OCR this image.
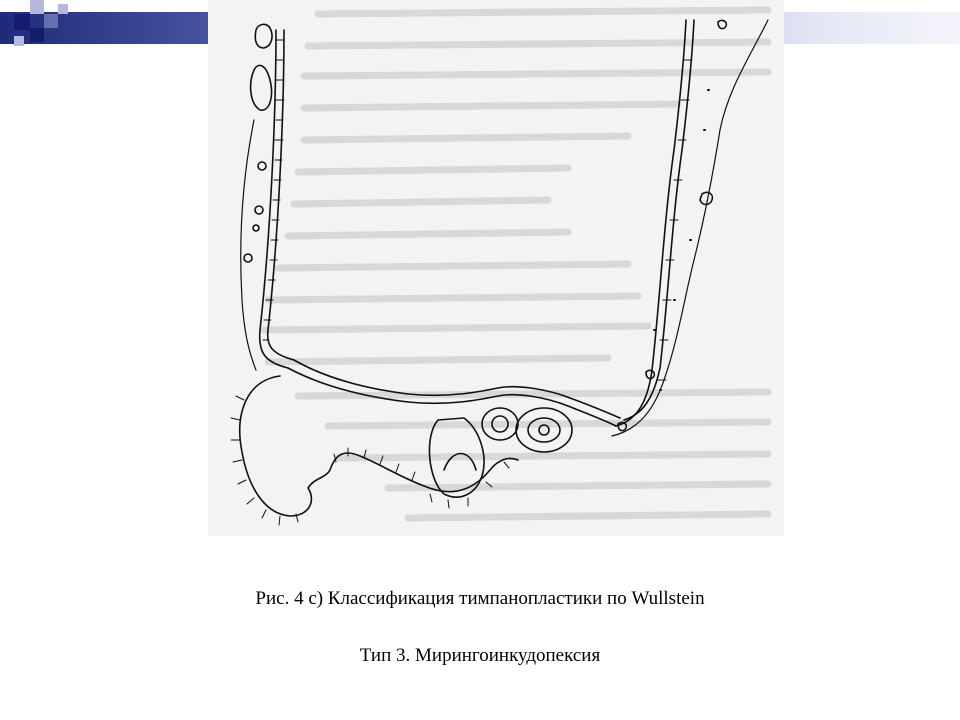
Рис. 4 с) Классификация тимпанопластики по Wullstein
Тип 3. Мирингоинкудопексия
